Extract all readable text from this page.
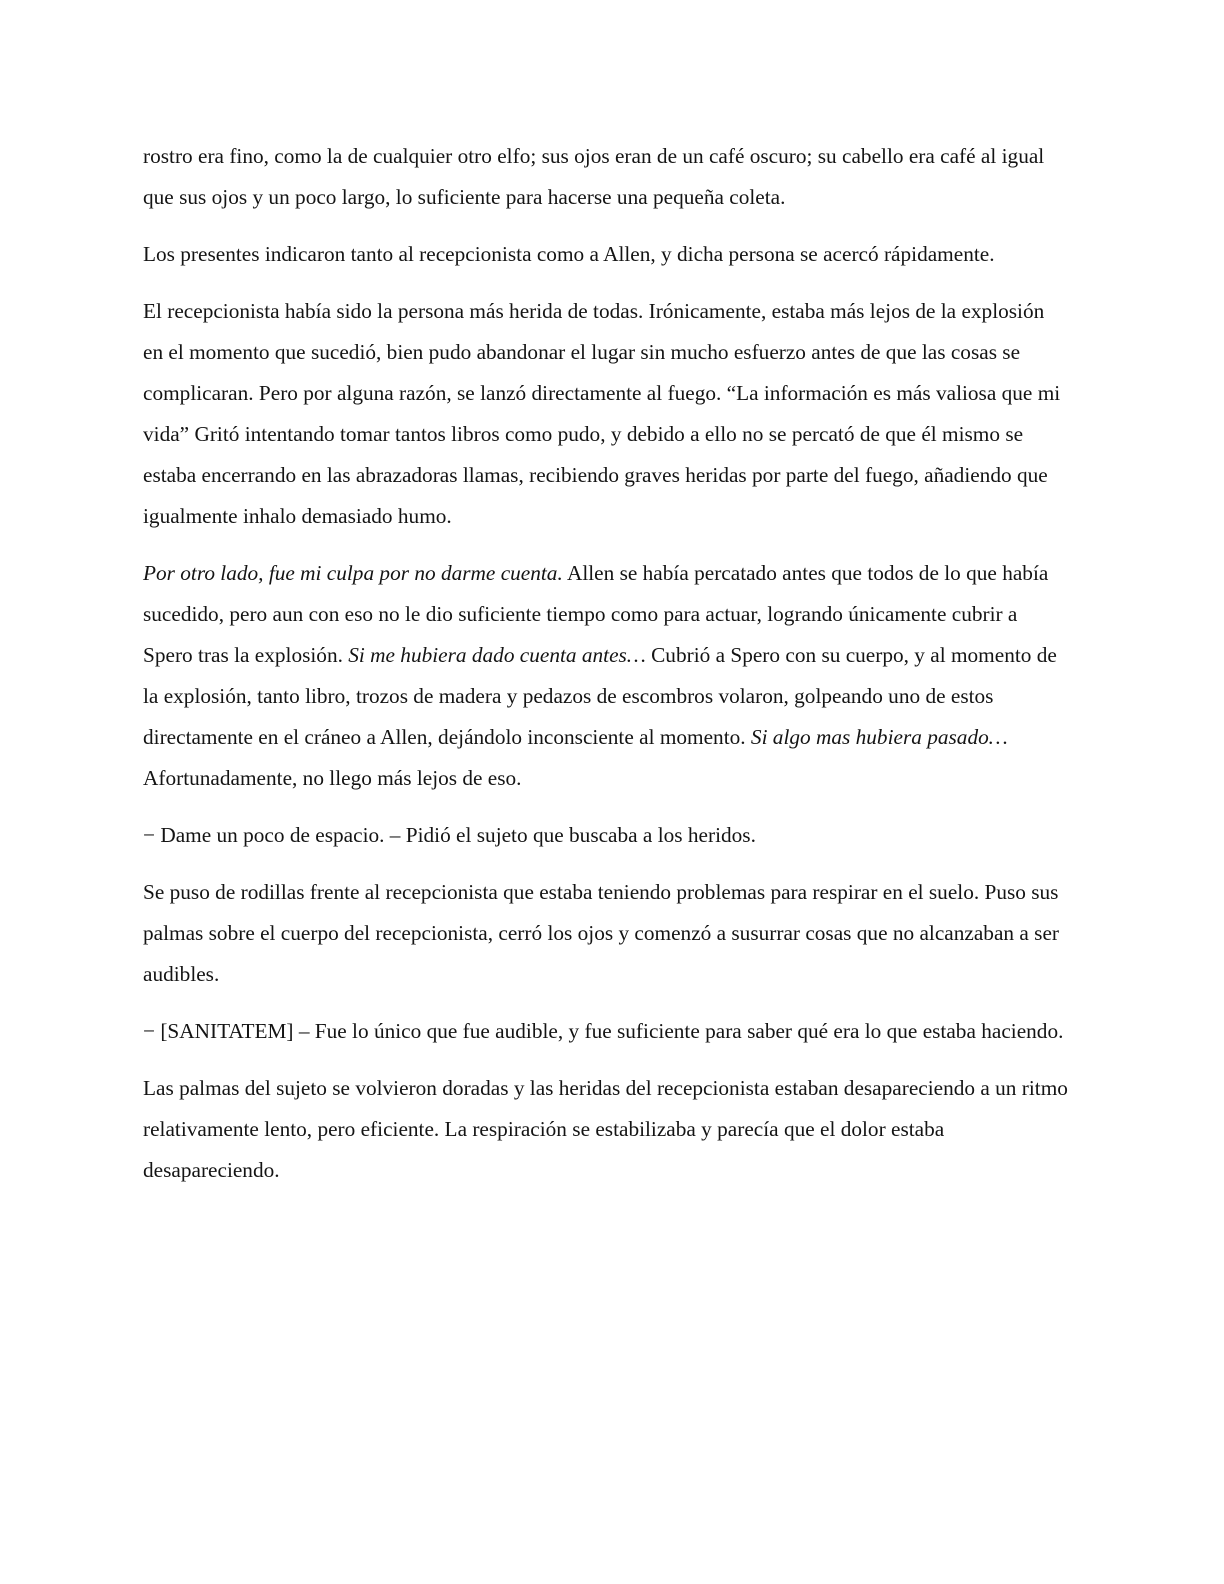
rostro era fino, como la de cualquier otro elfo; sus ojos eran de un café oscuro; su cabello era café al igual que sus ojos y un poco largo, lo suficiente para hacerse una pequeña coleta.

Los presentes indicaron tanto al recepcionista como a Allen, y dicha persona se acercó rápidamente.

El recepcionista había sido la persona más herida de todas. Irónicamente, estaba más lejos de la explosión en el momento que sucedió, bien pudo abandonar el lugar sin mucho esfuerzo antes de que las cosas se complicaran. Pero por alguna razón, se lanzó directamente al fuego. “La información es más valiosa que mi vida” Gritó intentando tomar tantos libros como pudo, y debido a ello no se percató de que él mismo se estaba encerrando en las abrazadoras llamas, recibiendo graves heridas por parte del fuego, añadiendo que igualmente inhalo demasiado humo.

Por otro lado, fue mi culpa por no darme cuenta. Allen se había percatado antes que todos de lo que había sucedido, pero aun con eso no le dio suficiente tiempo como para actuar, logrando únicamente cubrir a Spero tras la explosión. Si me hubiera dado cuenta antes… Cubrió a Spero con su cuerpo, y al momento de la explosión, tanto libro, trozos de madera y pedazos de escombros volaron, golpeando uno de estos directamente en el cráneo a Allen, dejándolo inconsciente al momento. Si algo mas hubiera pasado… Afortunadamente, no llego más lejos de eso.

− Dame un poco de espacio. – Pidió el sujeto que buscaba a los heridos.

Se puso de rodillas frente al recepcionista que estaba teniendo problemas para respirar en el suelo. Puso sus palmas sobre el cuerpo del recepcionista, cerró los ojos y comenzó a susurrar cosas que no alcanzaban a ser audibles.

− [SANITATEM] – Fue lo único que fue audible, y fue suficiente para saber qué era lo que estaba haciendo.

Las palmas del sujeto se volvieron doradas y las heridas del recepcionista estaban desapareciendo a un ritmo relativamente lento, pero eficiente. La respiración se estabilizaba y parecía que el dolor estaba desapareciendo.
